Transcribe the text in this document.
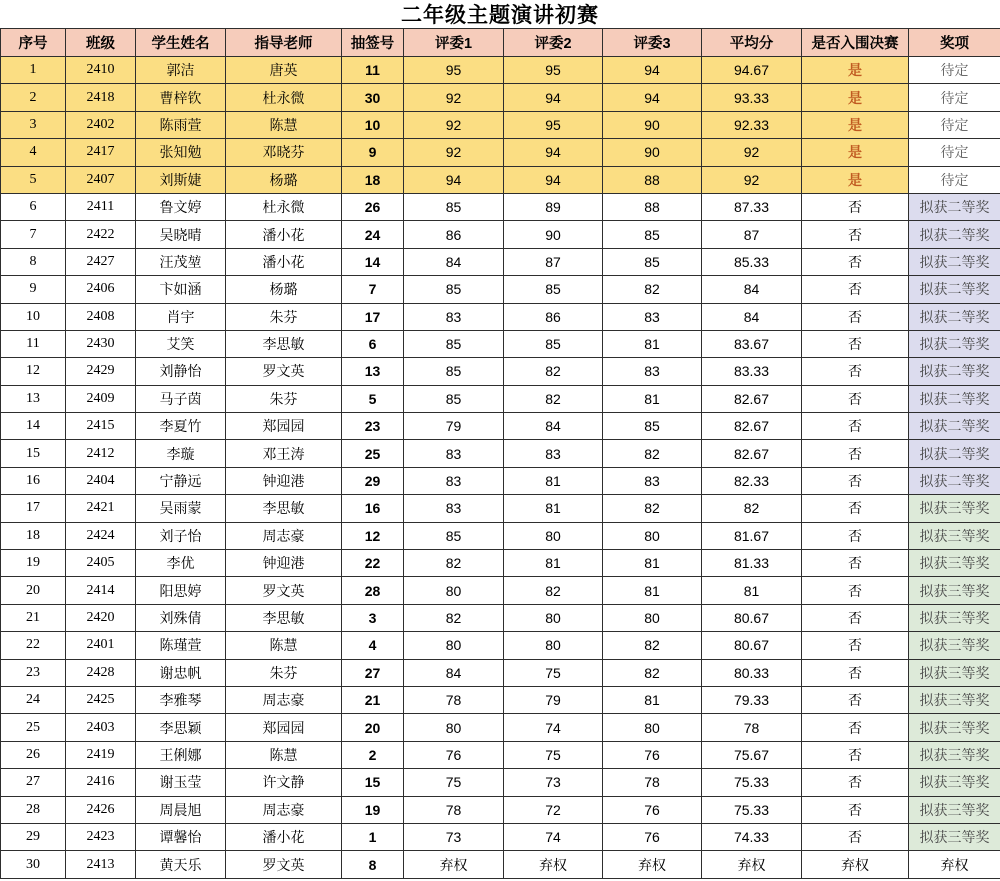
二年级主题演讲初赛
序号	班级	学生姓名	指导老师	抽签号	评委1	评委2	评委3	平均分	是否入围决赛	奖项
1	2410	郭洁	唐英	11	95	95	94	94.67	是	待定
2	2418	曹梓钦	杜永微	30	92	94	94	93.33	是	待定
3	2402	陈雨萱	陈慧	10	92	95	90	92.33	是	待定
4	2417	张知勉	邓晓芬	9	92	94	90	92	是	待定
5	2407	刘斯婕	杨璐	18	94	94	88	92	是	待定
6	2411	鲁文婷	杜永微	26	85	89	88	87.33	否	拟获二等奖
7	2422	吴晓晴	潘小花	24	86	90	85	87	否	拟获二等奖
8	2427	汪茂堃	潘小花	14	84	87	85	85.33	否	拟获二等奖
9	2406	卞如涵	杨璐	7	85	85	82	84	否	拟获二等奖
10	2408	肖宇	朱芬	17	83	86	83	84	否	拟获二等奖
11	2430	艾笑	李思敏	6	85	85	81	83.67	否	拟获二等奖
12	2429	刘静怡	罗文英	13	85	82	83	83.33	否	拟获二等奖
13	2409	马子茵	朱芬	5	85	82	81	82.67	否	拟获二等奖
14	2415	李夏竹	郑园园	23	79	84	85	82.67	否	拟获二等奖
15	2412	李璇	邓王涛	25	83	83	82	82.67	否	拟获二等奖
16	2404	宁静远	钟迎港	29	83	81	83	82.33	否	拟获二等奖
17	2421	吴雨蒙	李思敏	16	83	81	82	82	否	拟获三等奖
18	2424	刘子怡	周志豪	12	85	80	80	81.67	否	拟获三等奖
19	2405	李优	钟迎港	22	82	81	81	81.33	否	拟获三等奖
20	2414	阳思婷	罗文英	28	80	82	81	81	否	拟获三等奖
21	2420	刘殊倩	李思敏	3	82	80	80	80.67	否	拟获三等奖
22	2401	陈瑾萱	陈慧	4	80	80	82	80.67	否	拟获三等奖
23	2428	谢忠帆	朱芬	27	84	75	82	80.33	否	拟获三等奖
24	2425	李雅琴	周志豪	21	78	79	81	79.33	否	拟获三等奖
25	2403	李思颖	郑园园	20	80	74	80	78	否	拟获三等奖
26	2419	王俐娜	陈慧	2	76	75	76	75.67	否	拟获三等奖
27	2416	谢玉莹	许文静	15	75	73	78	75.33	否	拟获三等奖
28	2426	周晨旭	周志豪	19	78	72	76	75.33	否	拟获三等奖
29	2423	谭馨怡	潘小花	1	73	74	76	74.33	否	拟获三等奖
30	2413	黄天乐	罗文英	8	弃权	弃权	弃权	弃权	弃权	弃权
